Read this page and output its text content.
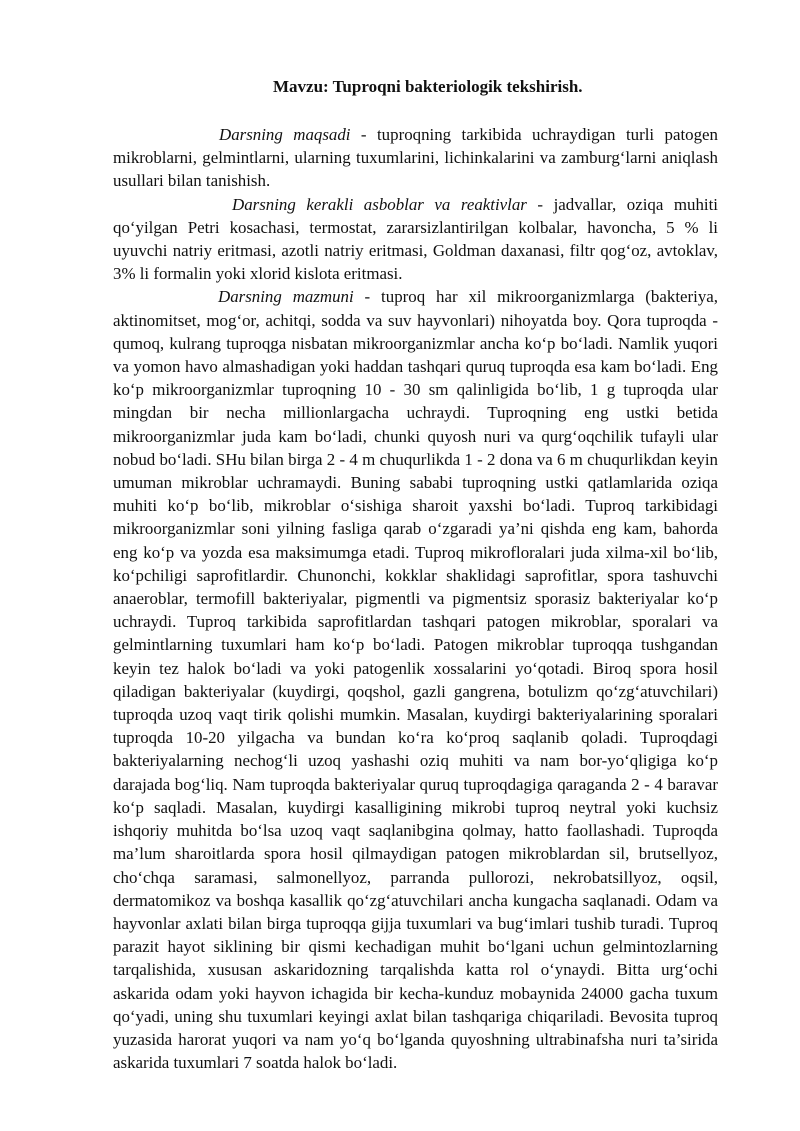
Mavzu: Tuproqni bakteriologik tekshirish.

Darsning maqsadi - tuproqning tarkibida uchraydigan turli patogen mikroblarni, gelmintlarni, ularning tuxumlarini, lichinkalarini va zamburg‘larni aniqlash usullari bilan tanishish.

Darsning kerakli asboblar va reaktivlar - jadvallar, oziqa muhiti qo‘yilgan Petri kosachasi, termostat, zararsizlantirilgan kolbalar, havoncha, 5 % li uyuvchi natriy eritmasi, azotli natriy eritmasi, Goldman daxanasi, filtr qog‘oz, avtoklav, 3% li formalin yoki xlorid kislota eritmasi.

Darsning mazmuni - tuproq har xil mikroorganizmlarga (bakteriya, aktinomitset, mog‘or, achitqi, sodda va suv hayvonlari) nihoyatda boy. Qora tuproqda - qumoq, kulrang tuproqga nisbatan mikroorganizmlar ancha ko‘p bo‘ladi. Namlik yuqori va yomon havo almashadigan yoki haddan tashqari quruq tuproqda esa kam bo‘ladi. Eng ko‘p mikroorganizmlar tuproqning 10 - 30 sm qalinligida bo‘lib, 1 g tuproqda ular mingdan bir necha millionlargacha uchraydi. Tuproqning eng ustki betida mikroorganizmlar juda kam bo‘ladi, chunki quyosh nuri va qurg‘oqchilik tufayli ular nobud bo‘ladi. SHu bilan birga 2 - 4 m chuqurlikda 1 - 2 dona va 6 m chuqurlikdan keyin umuman mikroblar uchramaydi. Buning sababi tuproqning ustki qatlamlarida oziqa muhiti ko‘p bo‘lib, mikroblar o‘sishiga sharoit yaxshi bo‘ladi. Tuproq tarkibidagi mikroorganizmlar soni yilning fasliga qarab o‘zgaradi ya’ni qishda eng kam, bahorda eng ko‘p va yozda esa maksimumga etadi. Tuproq mikrofloralari juda xilma-xil bo‘lib, ko‘pchiligi saprofitlardir. Chunonchi, kokklar shaklidagi saprofitlar, spora tashuvchi anaeroblar, termofill bakteriyalar, pigmentli va pigmentsiz sporasiz bakteriyalar ko‘p uchraydi. Tuproq tarkibida saprofitlardan tashqari patogen mikroblar, sporalari va gelmintlarning tuxumlari ham ko‘p bo‘ladi. Patogen mikroblar tuproqqa tushgandan keyin tez halok bo‘ladi va yoki patogenlik xossalarini yo‘qotadi. Biroq spora hosil qiladigan bakteriyalar (kuydirgi, qoqshol, gazli gangrena, botulizm qo‘zg‘atuvchilari) tuproqda uzoq vaqt tirik qolishi mumkin. Masalan, kuydirgi bakteriyalarining sporalari tuproqda 10-20 yilgacha va bundan ko‘ra ko‘proq saqlanib qoladi. Tuproqdagi bakteriyalarning nechog‘li uzoq yashashi oziq muhiti va nam bor-yo‘qligiga ko‘p darajada bog‘liq. Nam tuproqda bakteriyalar quruq tuproqdagiga qaraganda 2 - 4 baravar ko‘p saqladi. Masalan, kuydirgi kasalligining mikrobi tuproq neytral yoki kuchsiz ishqoriy muhitda bo‘lsa uzoq vaqt saqlanibgina qolmay, hatto faollashadi. Tuproqda ma’lum sharoitlarda spora hosil qilmaydigan patogen mikroblardan sil, brutsellyoz, cho‘chqa saramasi, salmonellyoz, parranda pullorozi, nekrobatsillyoz, oqsil, dermatomikoz va boshqa kasallik qo‘zg‘atuvchilari ancha kungacha saqlanadi. Odam va hayvonlar axlati bilan birga tuproqqa gijja tuxumlari va bug‘imlari tushib turadi. Tuproq parazit hayot siklining bir qismi kechadigan muhit bo‘lgani uchun gelmintozlarning tarqalishida, xususan askaridozning tarqalishda katta rol o‘ynaydi. Bitta urg‘ochi askarida odam yoki hayvon ichagida bir kecha-kunduz mobaynida 24000 gacha tuxum qo‘yadi, uning shu tuxumlari keyingi axlat bilan tashqariga chiqariladi. Bevosita tuproq yuzasida harorat yuqori va nam yo‘q bo‘lganda quyoshning ultrabinafsha nuri ta’sirida askarida tuxumlari 7 soatda halok bo‘ladi.
